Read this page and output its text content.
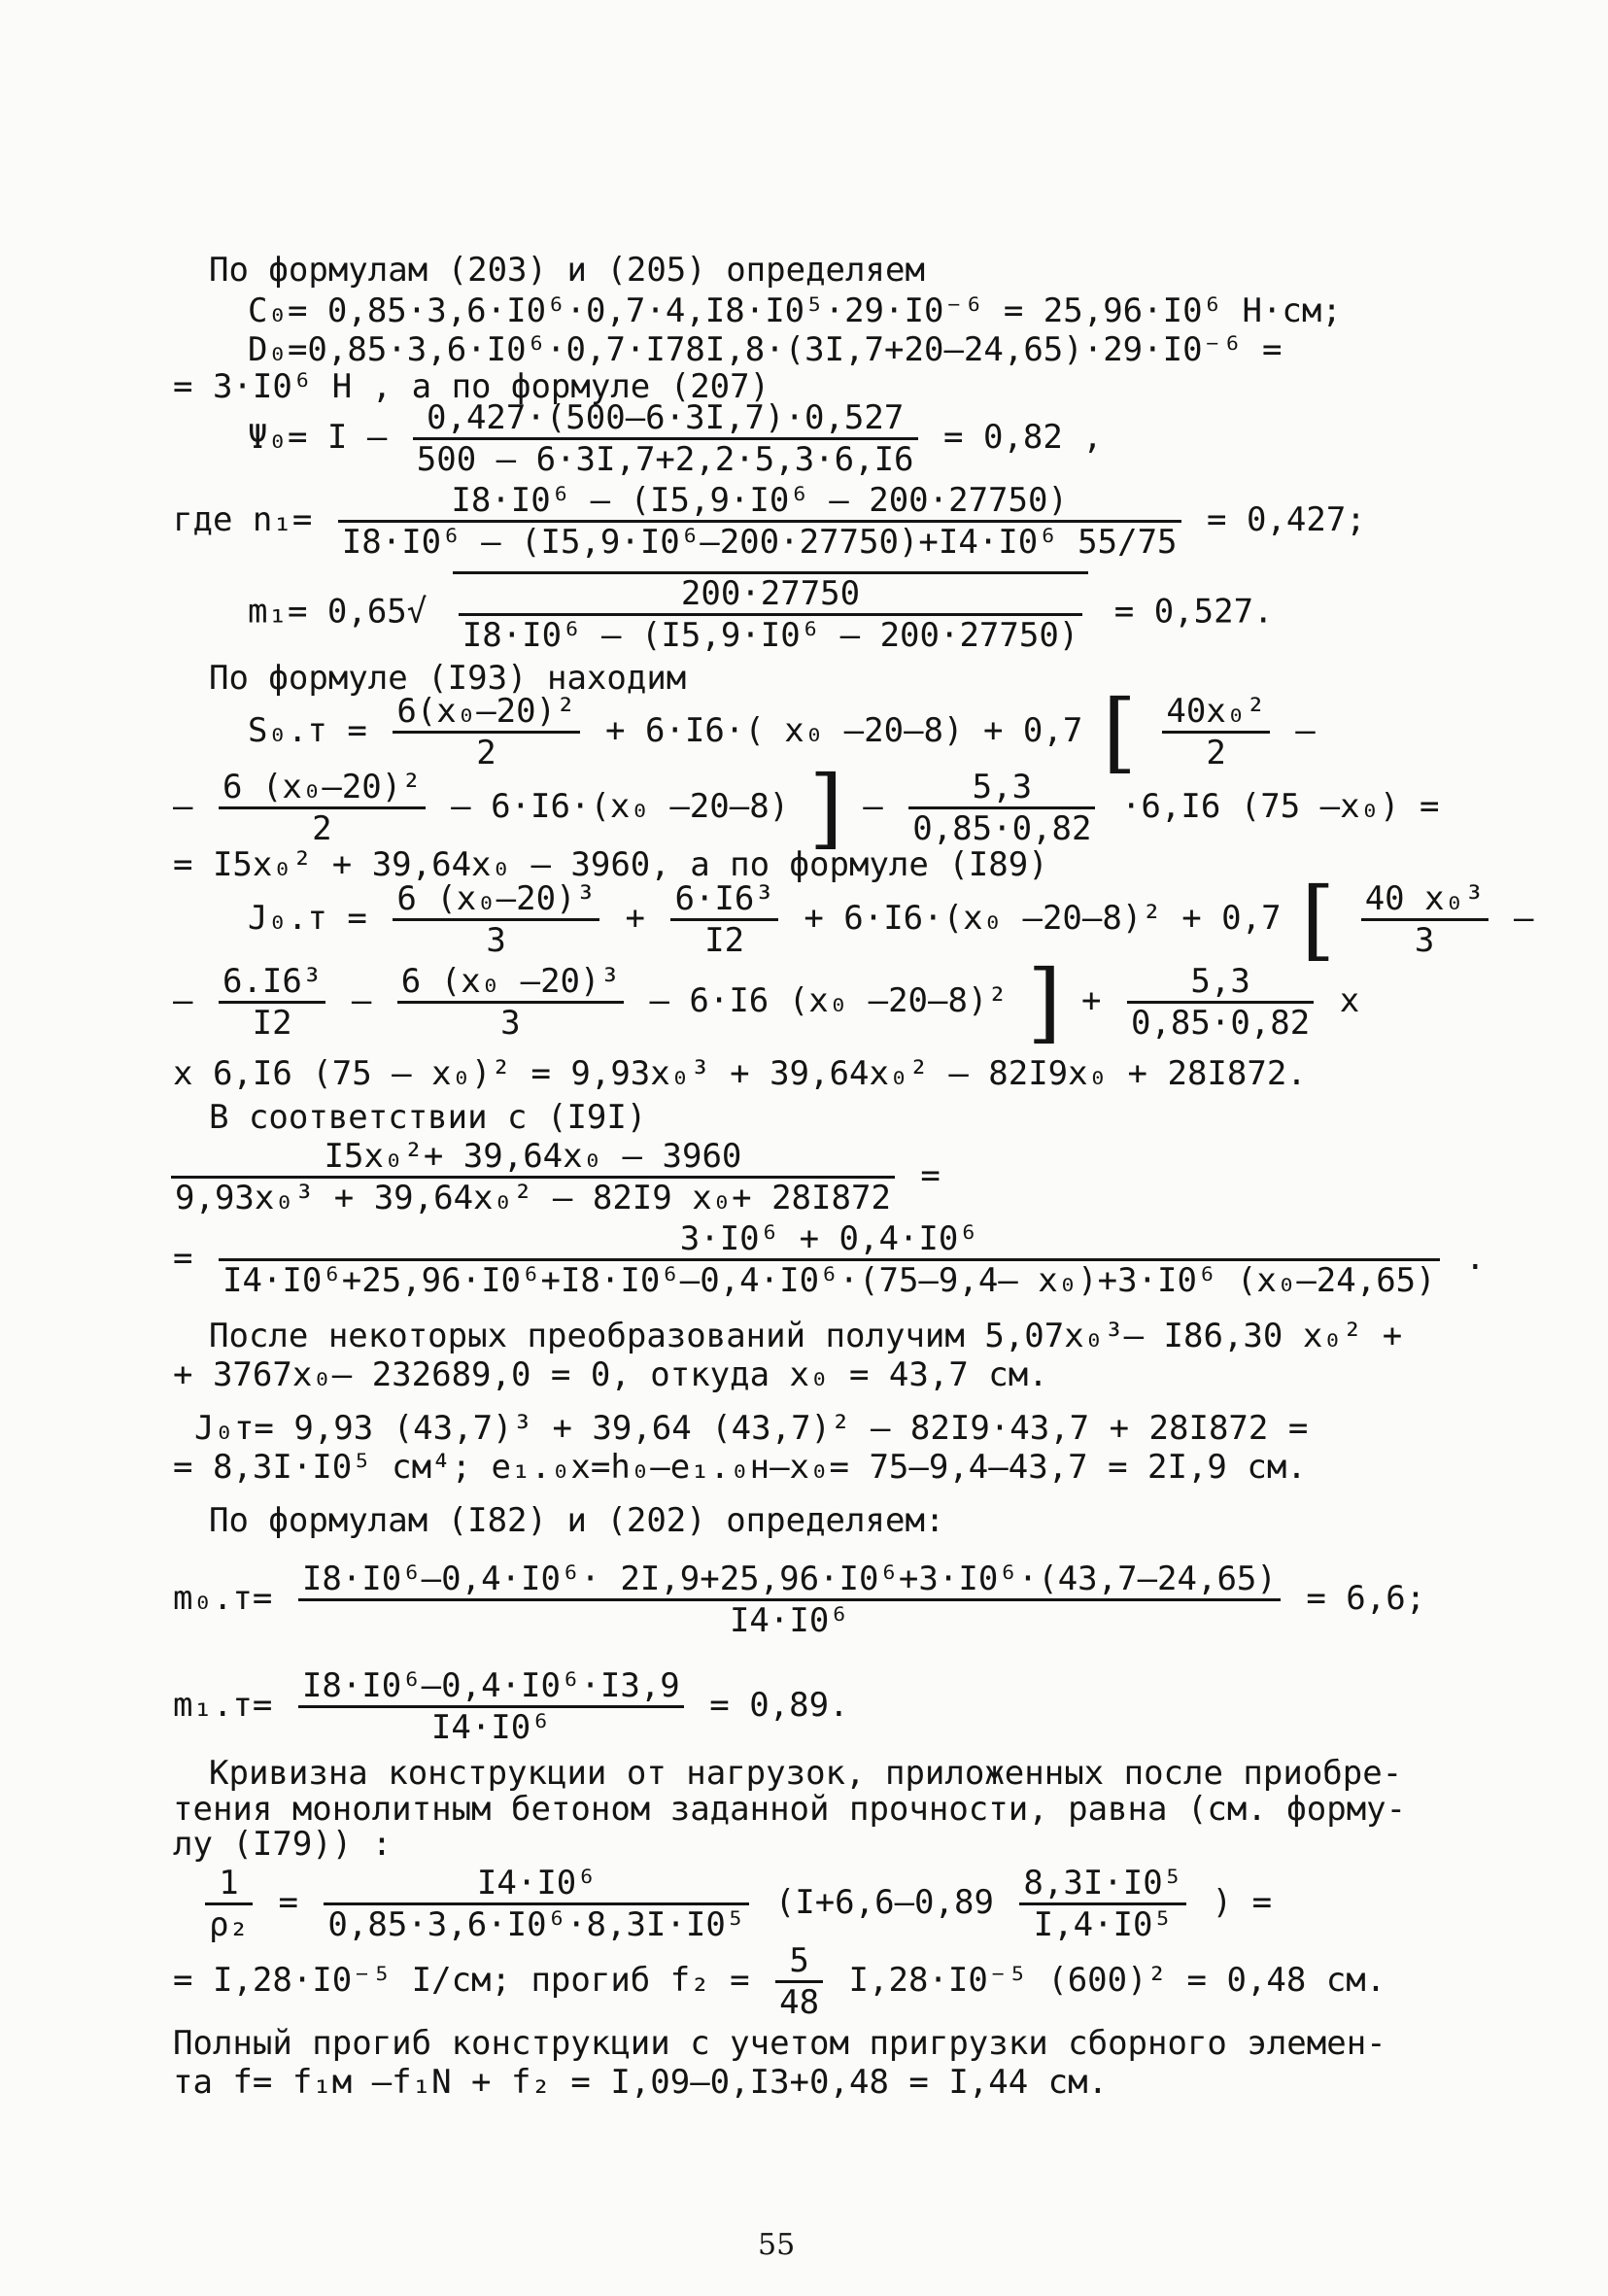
По формулам (203) и (205) определяем
C₀= 0,85·3,6·I0⁶·0,7·4,I8·I0⁵·29·I0⁻⁶ = 25,96·I0⁶ H·см;
D₀=0,85·3,6·I0⁶·0,7·I78I,8·(3I,7+20–24,65)·29·I0⁻⁶ =
= 3·I0⁶ H , а по формуле (207)
$\Psi_0= I - \frac{0,427\cdot(500-6\cdot 3I,7)\cdot 0,527}{500 - 6\cdot 3I,7+2,2\cdot 5,3\cdot 6,I6} = 0,82$ ,
где $n_1= \frac{\text{I8·I0⁶ – (I5,9·I0⁶ – 200·27750)}}{\text{I8·I0⁶ – (I5,9·I0⁶–200·27750)+I4·I0⁶ 55/75}} = 0,427$;
$m_1= 0,65√ \frac{200\cdot 27750}{\text{I8·I0⁶ – (I5,9·I0⁶ – 200·27750)}} = 0,527$.
По формуле (I93) находим
$S_0.т = \frac{\text{6(x₀–20)²}}{2} + 6\cdot I6\cdot$( x₀ –20–8) + 0,7 [ $\frac{\text{40x₀²}}{2}$ –
– $\frac{\text{6 (x₀–20)²}}{2} - 6\cdot I6\cdot(x_0$ –20–8) ] – $\frac{5,3}{0,85\cdot 0,82} \cdot 6,I6$ (75 –x₀) =
= I5x₀² + 39,64x₀ – 3960, а по формуле (I89)
$J_0.т = \frac{\text{6 (x₀–20)³}}{3} + \frac{\text{6·I6³}}{I2} + 6\cdot I6\cdot(x_0$ –20–8)² + 0,7 [ $\frac{\text{40 x₀³}}{3}$ –
– $\frac{\text{6.I6³}}{I2} - \frac{\text{6 (x₀ –20)³}}{3} - 6\cdot I6$ (x₀ –20–8)² ] + $\frac{5,3}{0,85\cdot 0,82}$ x
x 6,I6 (75 – x₀)² = 9,93x₀³ + 39,64x₀² – 82I9x₀ + 28I872.
В соответствии с (I9I)
$\frac{\text{I5x₀²+ 39,64x₀ – 3960}}{\text{9,93x₀³ + 39,64x₀² – 82I9 x₀+ 28I872}}$ =
=	3·I0⁶ + 0,4·I0⁶
I4·I0⁶+25,96·I0⁶+I8·I0⁶–0,4·I0⁶·(75–9,4– x₀)+3·I0⁶ (x₀–24,65)
.
После некоторых преобразований получим 5,07x₀³– I86,30 x₀² +
+ 3767x₀– 232689,0 = 0, откуда x₀ = 43,7 см.
J₀т= 9,93 (43,7)³ + 39,64 (43,7)² – 82I9·43,7 + 28I872 =
= 8,3I·I0⁵ см⁴; e₁.₀x=h₀–e₁.₀н–x₀= 75–9,4–43,7 = 2I,9 см.
По формулам (I82) и (202) определяем:
$m_0.т= \frac{\text{I8·I0⁶–0,4·I0⁶· 2I,9+25,96·I0⁶+3·I0⁶·(43,7–24,65)}}{\text{I4·I0⁶}} = 6,6$;
$m_1.т= \frac{\text{I8·I0⁶–0,4·I0⁶·I3,9}}{\text{I4·I0⁶}} = 0,89$.
Кривизна конструкции от нагрузок, приложенных после приобре-
тения монолитным бетоном заданной прочности, равна (см. форму-
лу (I79)) :
$\frac{1}{\text{ρ₂}} = \frac{\text{I4·I0⁶}}{\text{0,85·3,6·I0⁶·8,3I·I0⁵}} (I+6,6-0,89 \frac{\text{8,3I·I0⁵}}{\text{I,4·I0⁵}}$ ) =
= I,28·I0⁻⁵ I/см; прогиб $f_2 = \frac{5}{48} I,28\cdot I0^{-5}$ (600)² = 0,48 см.
Полный прогиб конструкции с учетом пригрузки сборного элемен-
та f= f₁м –f₁N + f₂ = I,09–0,I3+0,48 = I,44 см.
55
